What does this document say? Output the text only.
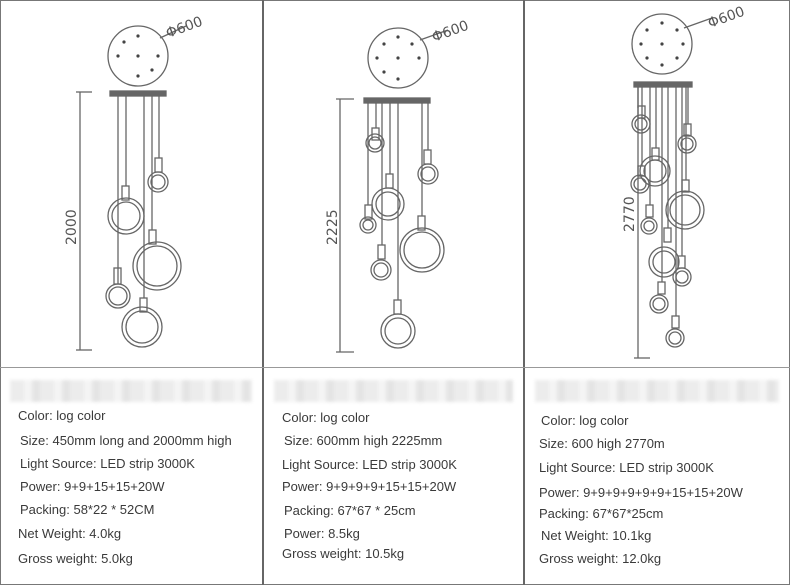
Φ600
2000
Φ600
2225
Φ600
2770
Color: log color
Size: 450mm long and 2000mm high
Light Source: LED strip 3000K
Power: 9+9+15+15+20W
Packing: 58*22 * 52CM
Net Weight: 4.0kg
Gross weight: 5.0kg
Color: log color
Size: 600mm high 2225mm
Light Source: LED strip 3000K
Power: 9+9+9+9+15+15+20W
Packing: 67*67 * 25cm
Power: 8.5kg
Gross weight: 10.5kg
Color: log color
Size: 600 high 2770m
Light Source: LED strip 3000K
Power: 9+9+9+9+9+9+15+15+20W
Packing: 67*67*25cm
Net Weight: 10.1kg
Gross weight: 12.0kg
